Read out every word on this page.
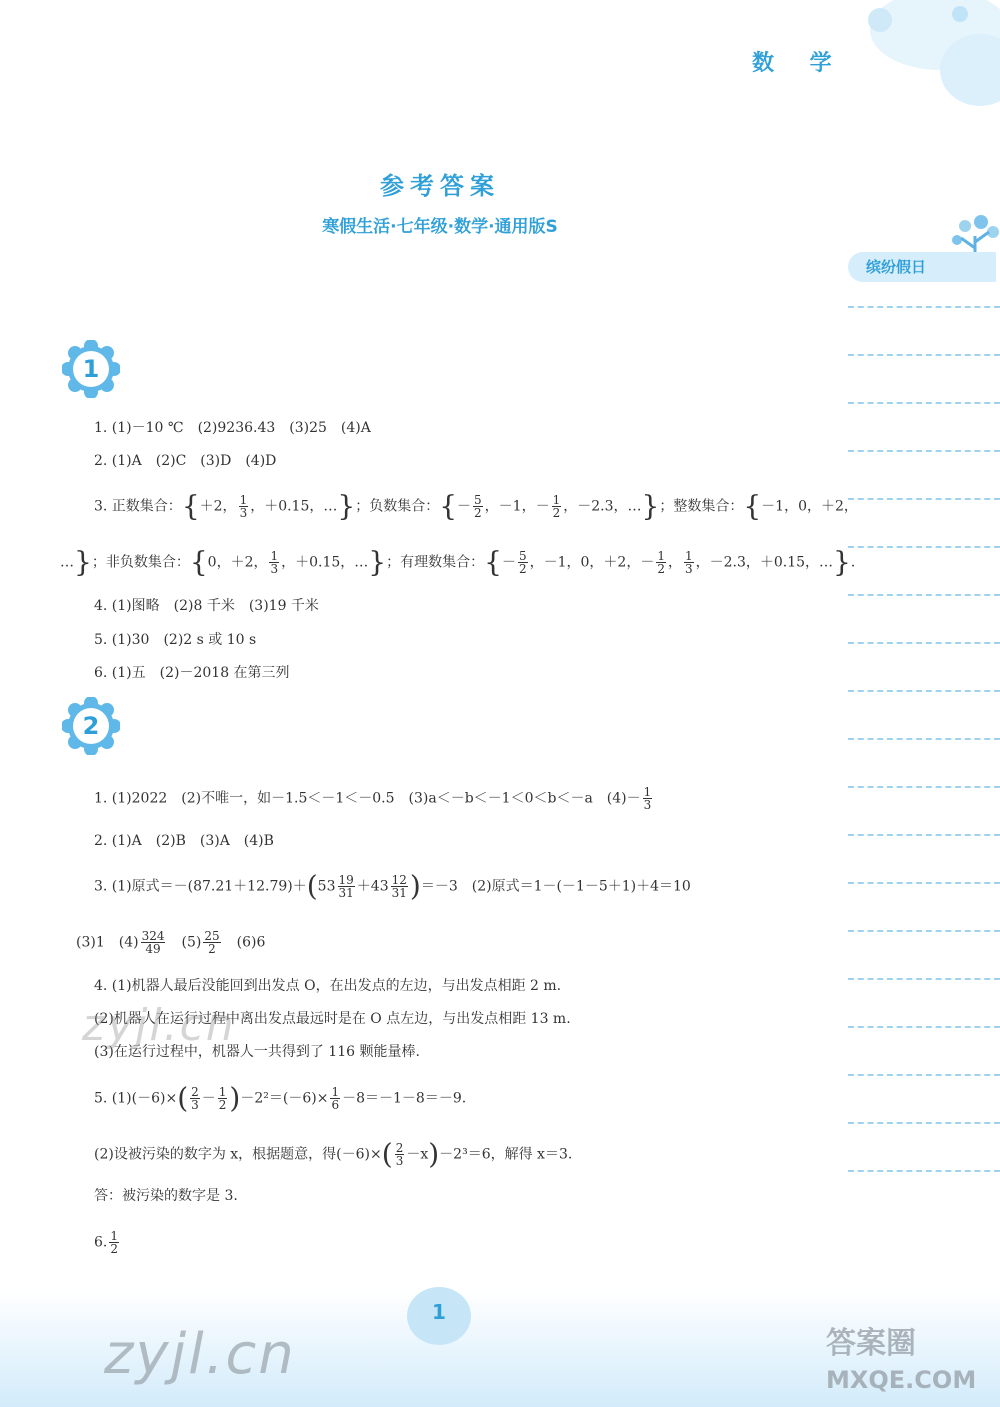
数 学
参考答案
寒假生活·七年级·数学·通用版S
缤纷假日
1
1. (1)－10 ℃　(2)9236.43　(3)25　(4)A
2. (1)A　(2)C　(3)D　(4)D
3. 正数集合：{＋2， $\frac{1}{3}$ ，＋0.15，…}；负数集合：{－ $\frac{5}{2}$ ，－1，－ $\frac{1}{2}$ ，－2.3，…}；整数集合：{－1，0，＋2，
…}；非负数集合：{0，＋2， $\frac{1}{3}$ ，＋0.15，…}；有理数集合：{－ $\frac{5}{2}$ ，－1，0，＋2，－ $\frac{1}{2}$ ， $\frac{1}{3}$ ，－2.3，＋0.15，…}．
4. (1)图略　(2)8 千米　(3)19 千米
5. (1)30　(2)2 s 或 10 s
6. (1)五　(2)－2018 在第三列
2
1. (1)2022　(2)不唯一，如－1.5＜－1＜－0.5　(3)a＜－b＜－1＜0＜b＜－a　$(4)- \frac{1}{3}$
2. (1)A　(2)B　(3)A　(4)B
3. (1)原式$=-(87.21+12.79)+(53 \frac{19}{31} +43 \frac{12}{31} )=-3$　(2)原式＝1－(－1－5＋1)＋4＝10
(3)1　$(4) \frac{324}{49}$ 　$(5) \frac{25}{2}$ 　(6)6
4. (1)机器人最后没能回到出发点 O，在出发点的左边，与出发点相距 2 m.
(2)机器人在运行过程中离出发点最远时是在 O 点左边，与出发点相距 13 m.
(3)在运行过程中，机器人一共得到了 116 颗能量棒.
5. $(1)(-6)\times( \frac{2}{3} - \frac{1}{2} )-2^2=(-6)\times \frac{1}{6} -8=-1-8=-9$.
(2)设被污染的数字为 x，根据题意，得$(-6)\times( \frac{2}{3} -x)-2^3=6$，解得 x＝3.
答：被污染的数字是 3.
6. $\frac{1}{2}$
zyjl.cn
1
zyjl.cn	答案圈
MXQE.COM
